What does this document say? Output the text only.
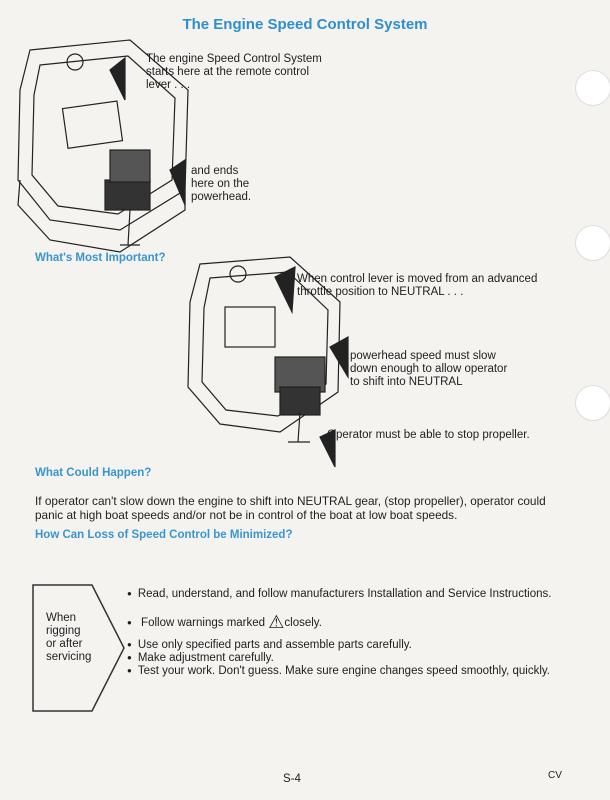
The Engine Speed Control System
The engine Speed Control System
starts here at the remote control
lever . . .
and ends
here on the
powerhead.
What's Most Important?
When control lever is moved from an advanced
throttle position to NEUTRAL . . .
powerhead speed must slow
down enough to allow operator
to shift into NEUTRAL
Operator must be able to stop propeller.
What Could Happen?
If operator can't slow down the engine to shift into NEUTRAL gear, (stop propeller), operator could
panic at high boat speeds and/or not be in control of the boat at low boat speeds.
How Can Loss of Speed Control be Minimized?
When
rigging
or after
servicing
● Read, understand, and follow manufacturers Installation and Service Instructions.
● Follow warnings marked ⚠closely.
● Use only specified parts and assemble parts carefully.
● Make adjustment carefully.
● Test your work. Don't guess. Make sure engine changes speed smoothly, quickly.
S-4	CV
